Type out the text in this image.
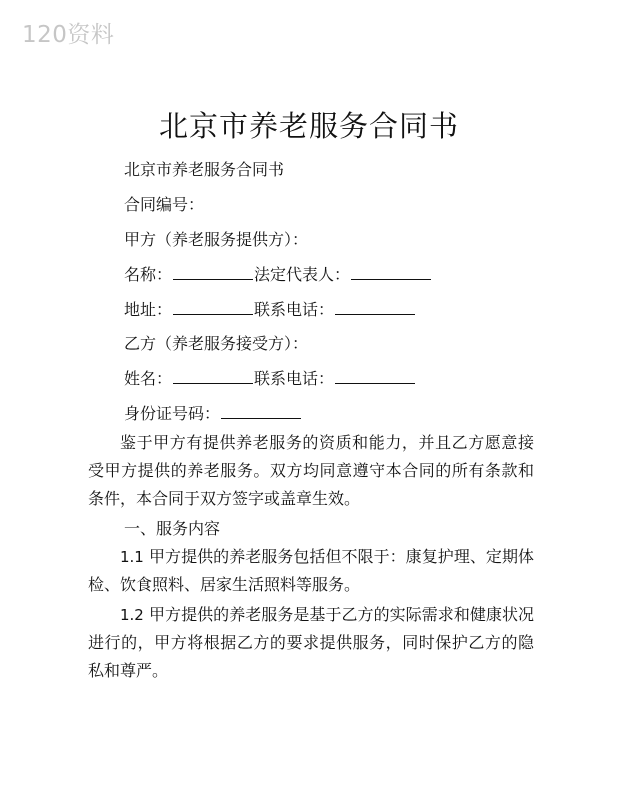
120资料
北京市养老服务合同书
北京市养老服务合同书
合同编号：
甲方（养老服务提供方）：
名称：	法定代表人：
地址：	联系电话：
乙方（养老服务接受方）：
姓名：	联系电话：
身份证号码：
鉴于甲方有提供养老服务的资质和能力，并且乙方愿意接受甲方提供的养老服务。双方均同意遵守本合同的所有条款和条件，本合同于双方签字或盖章生效。
一、服务内容
1.1 甲方提供的养老服务包括但不限于：康复护理、定期体检、饮食照料、居家生活照料等服务。
1.2 甲方提供的养老服务是基于乙方的实际需求和健康状况进行的，甲方将根据乙方的要求提供服务，同时保护乙方的隐私和尊严。
